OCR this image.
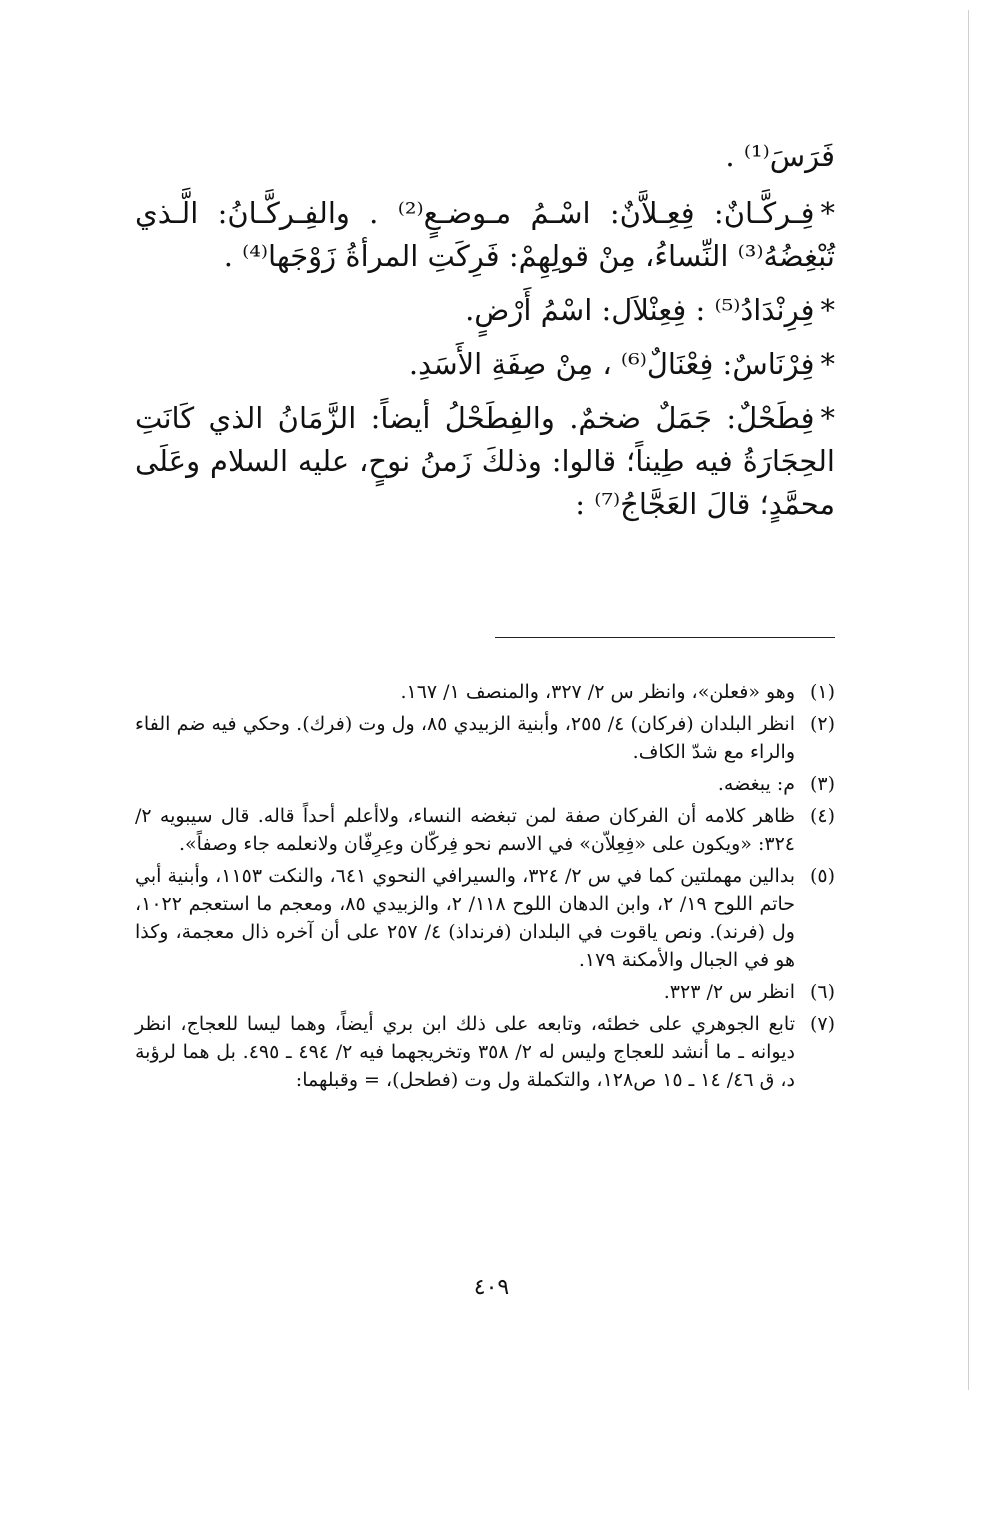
فَرَسَ⁽¹⁾ .

*فِـركَّـانٌ: فِعِـلاَّنٌ: اسْـمُ مـوضـعٍ⁽²⁾ . والفِـركَّـانُ: الَّـذي تُبْغِضُهُ⁽³⁾ النِّساءُ، مِنْ قولِهِمْ: فَرِكَتِ المرأةُ زَوْجَها⁽⁴⁾ .

*فِرِنْدَادُ⁽⁵⁾ : فِعِنْلاَل: اسْمُ أَرْضٍ.

*فِرْنَاسٌ: فِعْنَالٌ⁽⁶⁾ ، مِنْ صِفَةِ الأَسَدِ.

*فِطَحْلٌ: جَمَلٌ ضخمٌ. والفِطَحْلُ أيضاً: الزَّمَانُ الذي كَانَتِ الحِجَارَةُ فيه طِيناً؛ قالوا: وذلكَ زَمنُ نوحٍ، عليه السلام وعَلَى محمَّدٍ؛ قالَ العَجَّاجُ⁽⁷⁾ :

(١)
وهو «فعلن»، وانظر س ٢/ ٣٢٧، والمنصف ١/ ١٦٧.
(٢)
انظر البلدان (فركان) ٤/ ٢٥٥، وأبنية الزبيدي ٨٥، ول وت (فرك). وحكي فيه ضم الفاء والراء مع شدّ الكاف.
(٣)
م: يبغضه.
(٤)
ظاهر كلامه أن الفركان صفة لمن تبغضه النساء، ولاأعلم أحداً قاله. قال سيبويه ٢/ ٣٢٤: «ويكون على «فِعِلاّن» في الاسم نحو فِركّان وعِرِفّان ولانعلمه جاء وصفاً».
(٥)
بدالين مهملتين كما في س ٢/ ٣٢٤، والسيرافي النحوي ٦٤١، والنكت ١١٥٣، وأبنية أبي حاتم اللوح ١٩/ ٢، وابن الدهان اللوح ١١٨/ ٢، والزبيدي ٨٥، ومعجم ما استعجم ١٠٢٢، ول (فرند). ونص ياقوت في البلدان (فرنداذ) ٤/ ٢٥٧ على أن آخره ذال معجمة، وكذا هو في الجبال والأمكنة ١٧٩.
(٦)
انظر س ٢/ ٣٢٣.
(٧)
تابع الجوهري على خطئه، وتابعه على ذلك ابن بري أيضاً، وهما ليسا للعجاج، انظر ديوانه ـ ما أنشد للعجاج وليس له ٢/ ٣٥٨ وتخريجهما فيه ٢/ ٤٩٤ ـ ٤٩٥. بل هما لرؤبة د، ق ٤٦/ ١٤ ـ ١٥ ص١٢٨، والتكملة ول وت (فطحل)، = وقبلهما:
٤٠٩
